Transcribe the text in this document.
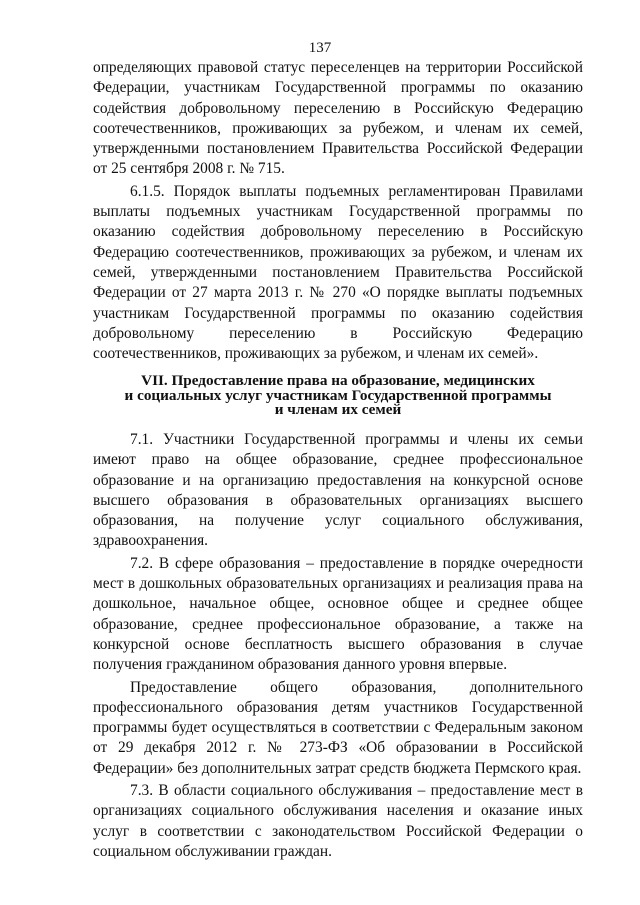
137

определяющих правовой статус переселенцев на территории Российской Федерации, участникам Государственной программы по оказанию содействия добровольному переселению в Российскую Федерацию соотечественников, проживающих за рубежом, и членам их семей, утвержденными постановлением Правительства Российской Федерации от 25 сентября 2008 г. № 715.

6.1.5. Порядок выплаты подъемных регламентирован Правилами выплаты подъемных участникам Государственной программы по оказанию содействия добровольному переселению в Российскую Федерацию соотечественников, проживающих за рубежом, и членам их семей, утвержденными постановлением Правительства Российской Федерации от 27 марта 2013 г. № 270 «О порядке выплаты подъемных участникам Государственной программы по оказанию содействия добровольному переселению в Российскую Федерацию соотечественников, проживающих за рубежом, и членам их семей».

VII. Предоставление права на образование, медицинских
и социальных услуг участникам Государственной программы
и членам их семей

7.1. Участники Государственной программы и члены их семьи имеют право на общее образование, среднее профессиональное образование и на организацию предоставления на конкурсной основе высшего образования в образовательных организациях высшего образования, на получение услуг социального обслуживания, здравоохранения.

7.2. В сфере образования – предоставление в порядке очередности мест в дошкольных образовательных организациях и реализация права на дошкольное, начальное общее, основное общее и среднее общее образование, среднее профессиональное образование, а также на конкурсной основе бесплатность высшего образования в случае получения гражданином образования данного уровня впервые.

Предоставление общего образования, дополнительного профессионального образования детям участников Государственной программы будет осуществляться в соответствии с Федеральным законом от 29 декабря 2012 г. № 273-ФЗ «Об образовании в Российской Федерации» без дополнительных затрат средств бюджета Пермского края.

7.3. В области социального обслуживания – предоставление мест в организациях социального обслуживания населения и оказание иных услуг в соответствии с законодательством Российской Федерации о социальном обслуживании граждан.
